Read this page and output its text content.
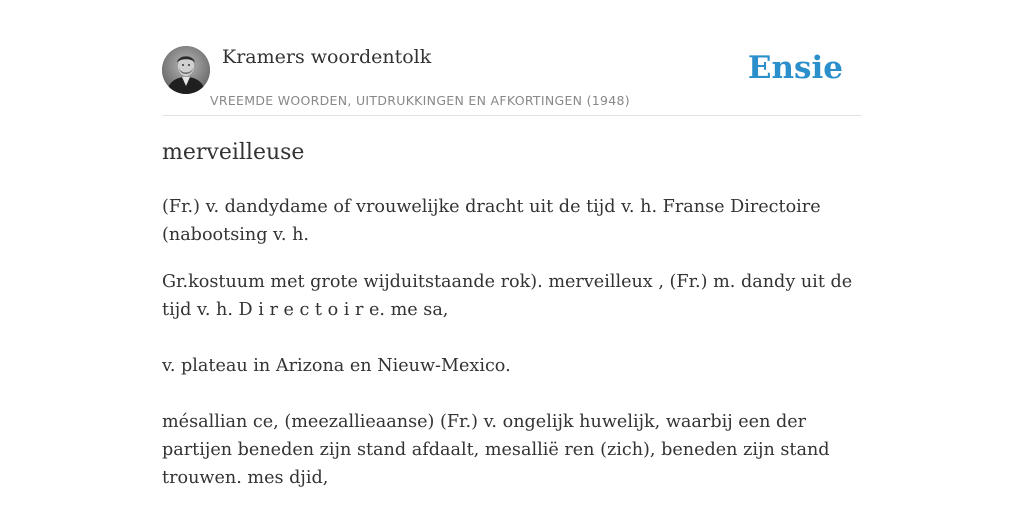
Kramers woordentolk
VREEMDE WOORDEN, UITDRUKKINGEN EN AFKORTINGEN (1948)
Ensie
merveilleuse
(Fr.) v. dandydame of vrouwelijke dracht uit de tijd v. h. Franse Directoire (nabootsing v. h.
Gr.kostuum met grote wijduitstaande rok). merveilleux , (Fr.) m. dandy uit de tijd v. h. D i r e c t o i r e. me sa,
v. plateau in Arizona en Nieuw-Mexico.
mésallian ce, (meezallieaanse) (Fr.) v. ongelijk huwelijk, waarbij een der partijen beneden zijn stand afdaalt, mesallië ren (zich), beneden zijn stand trouwen. mes djid,
